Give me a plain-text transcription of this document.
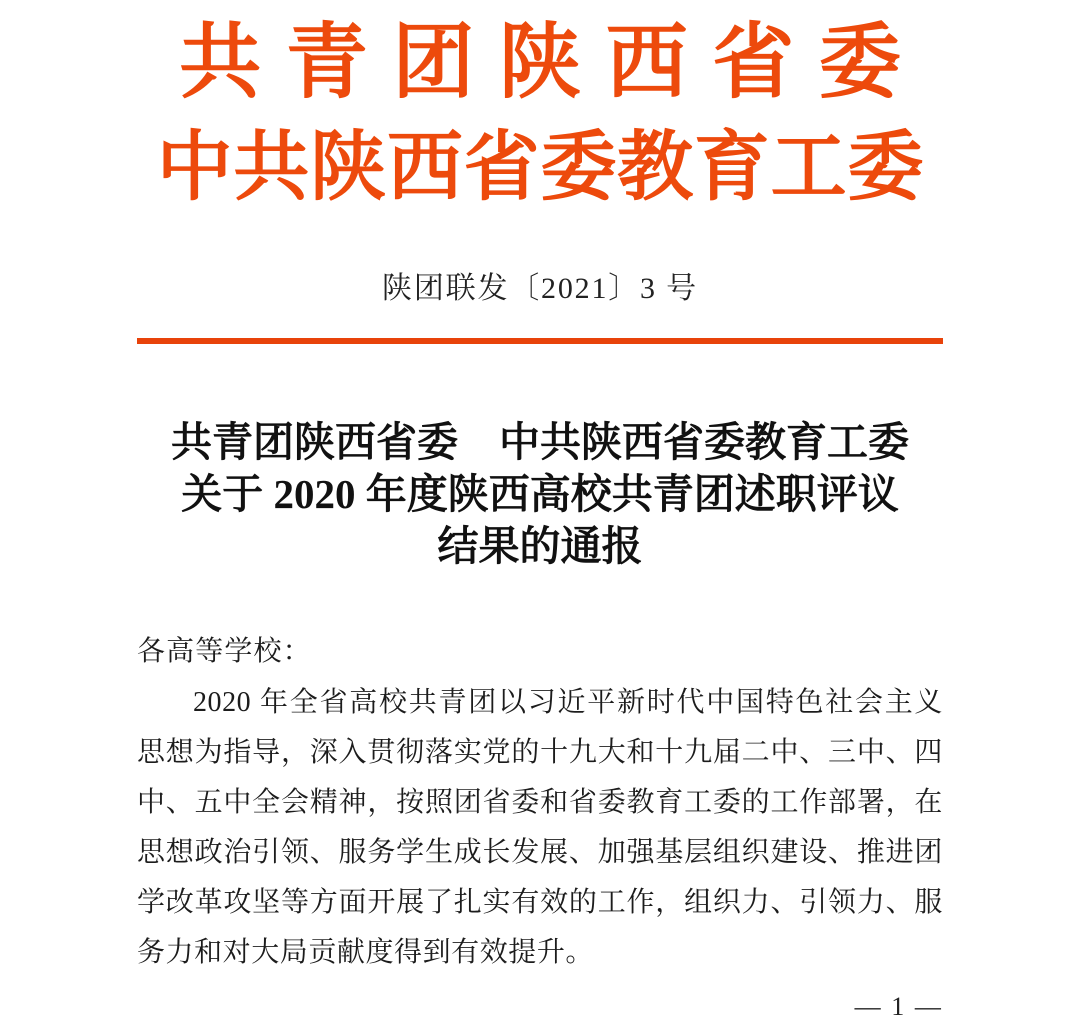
共青团陕西省委
中共陕西省委教育工委
陕团联发〔2021〕3 号
共青团陕西省委　中共陕西省委教育工委
关于 2020 年度陕西高校共青团述职评议
结果的通报
各高等学校：
2020 年全省高校共青团以习近平新时代中国特色社会主义
思想为指导，深入贯彻落实党的十九大和十九届二中、三中、四
中、五中全会精神，按照团省委和省委教育工委的工作部署，在
思想政治引领、服务学生成长发展、加强基层组织建设、推进团
学改革攻坚等方面开展了扎实有效的工作，组织力、引领力、服
务力和对大局贡献度得到有效提升。
— 1 —
